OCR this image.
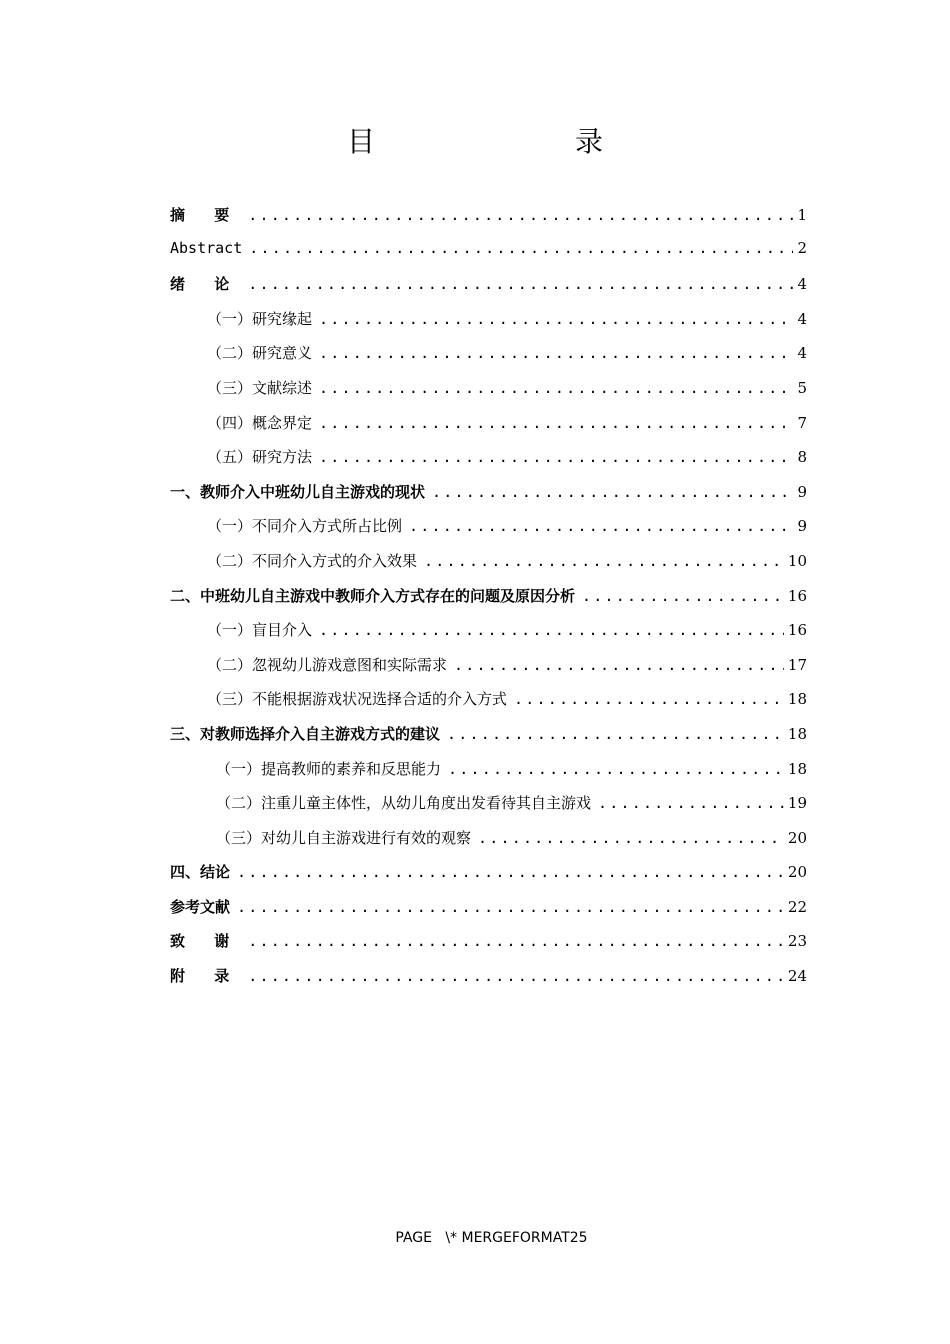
目　　录
摘 要 .....	1
Abstract .....	2
绪 论 .....	4
（一）研究缘起 .....	4
（二）研究意义 .....	4
（三）文献综述 .....	5
（四）概念界定 .....	7
（五）研究方法 .....	8
一、教师介入中班幼儿自主游戏的现状 .....	9
（一）不同介入方式所占比例 .....	9
（二）不同介入方式的介入效果 .....	10
二、中班幼儿自主游戏中教师介入方式存在的问题及原因分析 .....	16
（一）盲目介入 .....	16
（二）忽视幼儿游戏意图和实际需求 .....	17
（三）不能根据游戏状况选择合适的介入方式 .....	18
三、对教师选择介入自主游戏方式的建议 .....	18
（一）提高教师的素养和反思能力 .....	18
（二）注重儿童主体性，从幼儿角度出发看待其自主游戏 .....	19
（三）对幼儿自主游戏进行有效的观察 .....	20
四、结论 .....	20
参考文献 .....	22
致 谢 .....	23
附 录 .....	24
PAGE   \* MERGEFORMAT25
